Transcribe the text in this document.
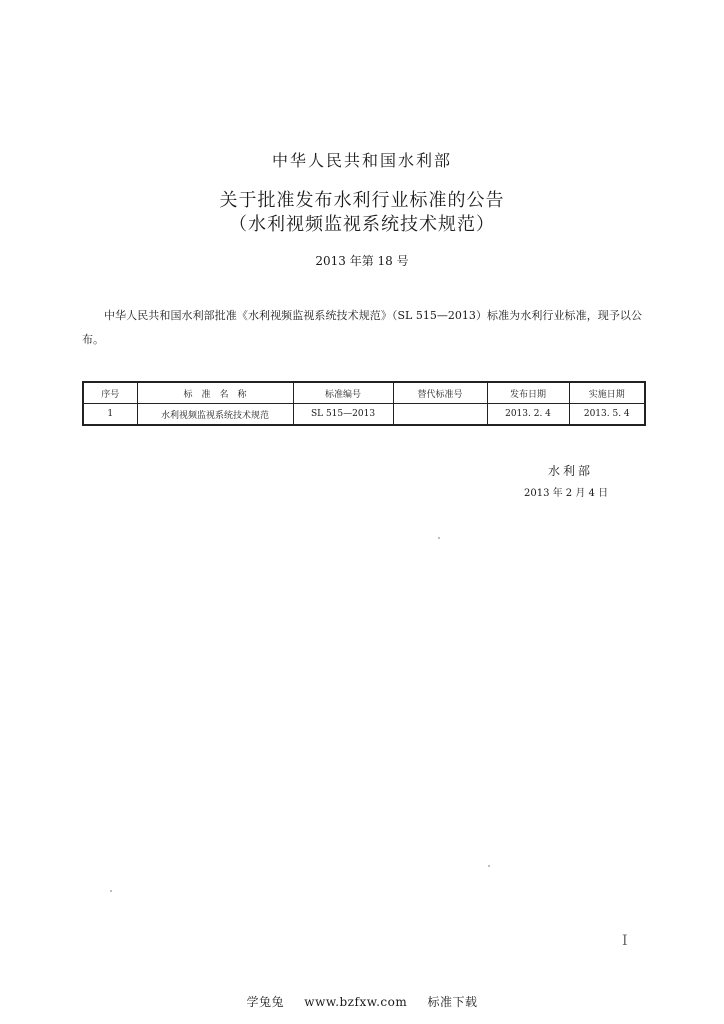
中华人民共和国水利部
关于批准发布水利行业标准的公告
（水利视频监视系统技术规范）
2013 年第 18 号
中华人民共和国水利部批准《水利视频监视系统技术规范》（SL 515—2013）标准为水利行业标准，现予以公布。
序号	标　准　名　称	标准编号	替代标准号	发布日期	实施日期
1	水利视频监视系统技术规范	SL 515—2013		2013. 2. 4	2013. 5. 4
水利部
2013 年 2 月 4 日
I
学兔兔 www.bzfxw.com 标准下载
